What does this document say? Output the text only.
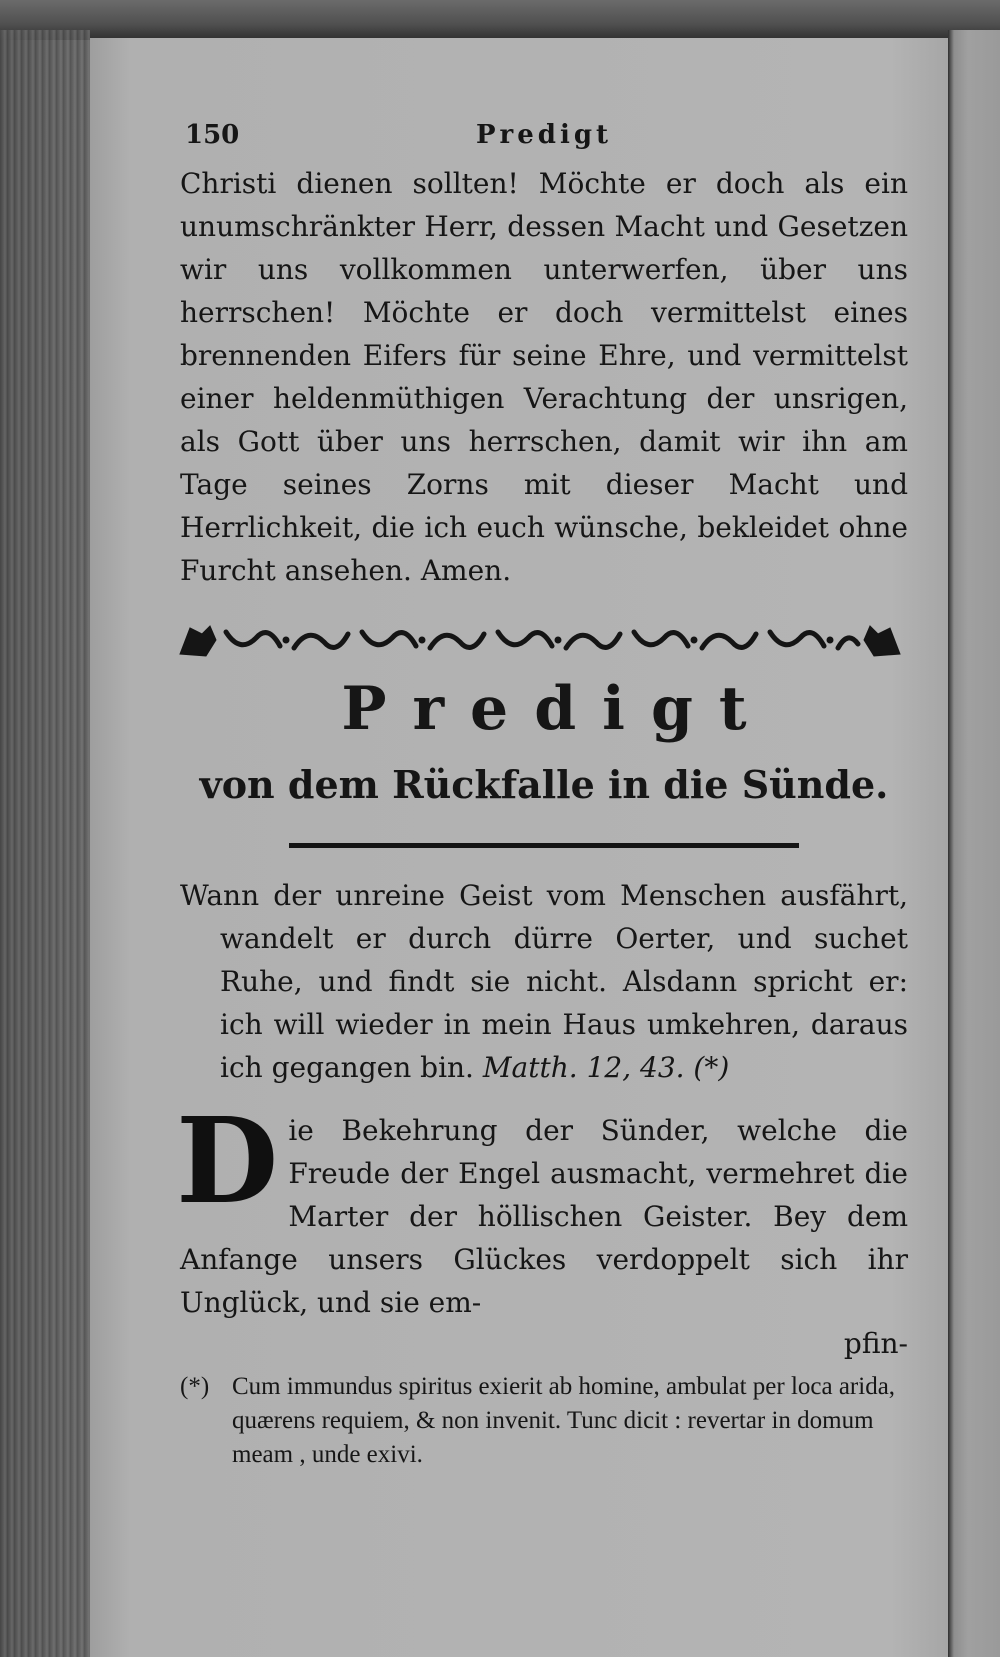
150	Predigt

Christi dienen sollten! Möchte er doch als ein unumschränkter Herr, dessen Macht und Gesetzen wir uns vollkommen unterwerfen, über uns herrschen! Möchte er doch vermittelst eines brennenden Eifers für seine Ehre, und vermittelst einer heldenmüthigen Verachtung der unsrigen, als Gott über uns herrschen, damit wir ihn am Tage seines Zorns mit dieser Macht und Herrlichkeit, die ich euch wünsche, bekleidet ohne Furcht ansehen. Amen.

Predigt
von dem Rückfalle in die Sünde.

Wann der unreine Geist vom Menschen ausfährt, wandelt er durch dürre Oerter, und suchet Ruhe, und findt sie nicht. Alsdann spricht er: ich will wieder in mein Haus umkehren, daraus ich gegangen bin. Matth. 12, 43. (*)

D ie Bekehrung der Sünder, welche die Freude der Engel ausmacht, vermehret die Marter der höllischen Geister. Bey dem Anfange unsers Glückes verdoppelt sich ihr Unglück, und sie em-

pfin-

(*) Cum immundus spiritus exierit ab homine, ambulat per loca arida, quærens requiem, & non invenit. Tunc dicit : revertar in domum meam , unde exivi.
